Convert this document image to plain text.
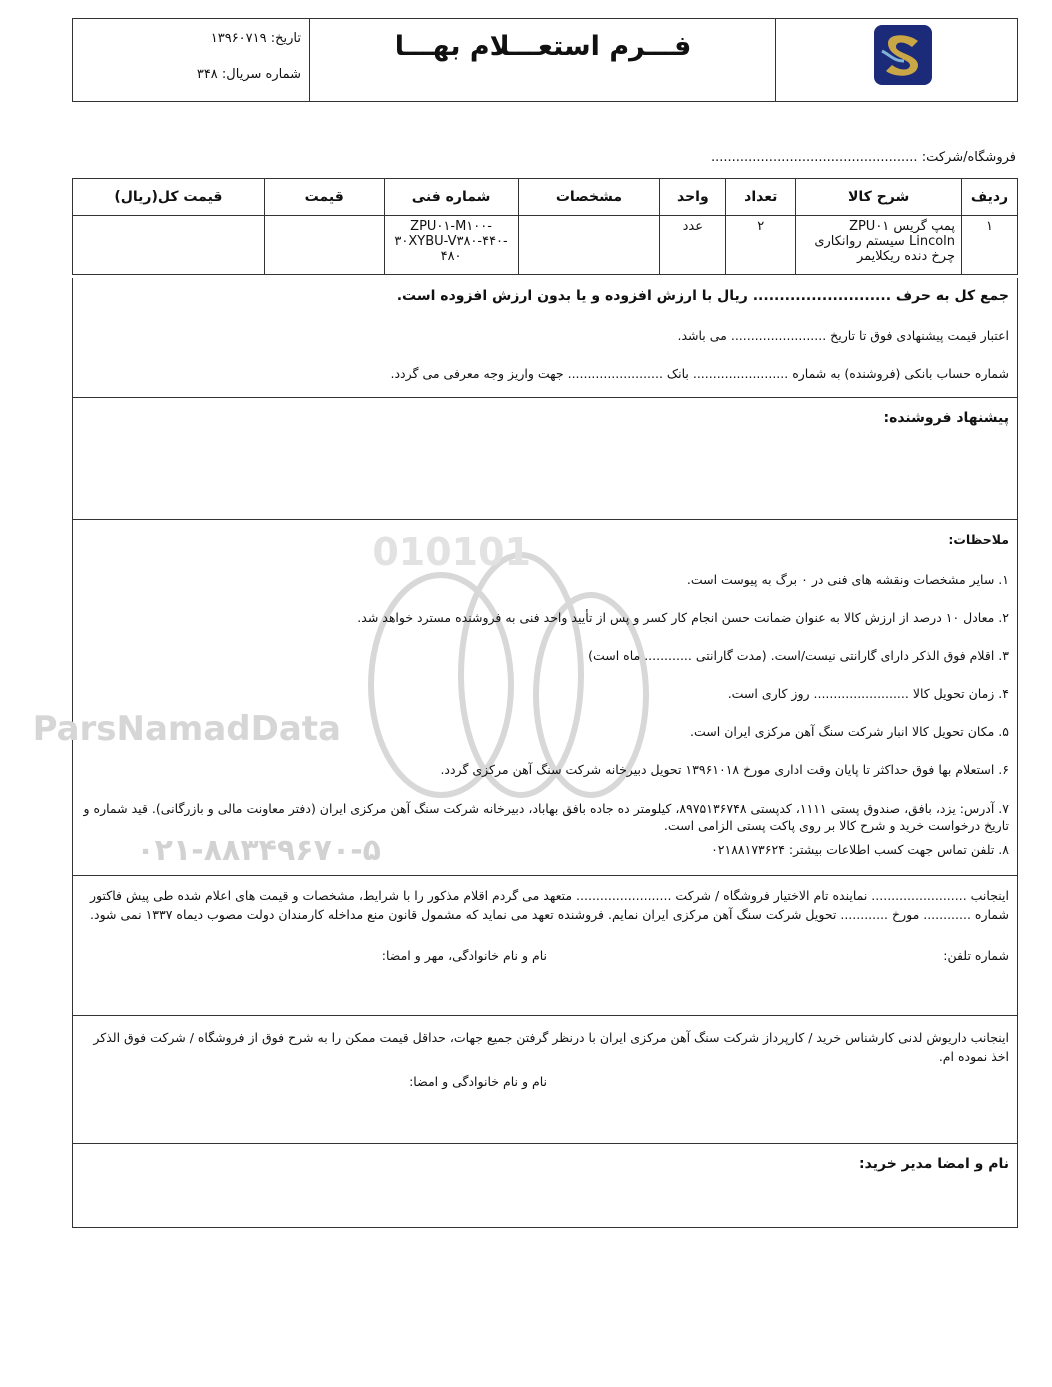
تاریخ: ۱۳۹۶۰۷۱۹
شماره سریال: ۳۴۸
فـــرم استعـــلام بهـــا
فروشگاه/شرکت: ..................................................
ردیف	شرح کالا	تعداد	واحد	مشخصات	شماره فنی	قیمت	قیمت کل(ریال)
۱	پمپ گریس ZPU۰۱ Lincoln سیستم روانکاری چرخ دنده ریکلایمر	۲	عدد		ZPU۰۱-M۱۰۰- ۳۰XYBU-V۳۸۰-۴۴۰- ۴۸۰		

جمع کل به حرف .......................... ریال با ارزش افزوده و یا بدون ارزش افزوده است.

اعتبار قیمت پیشنهادی فوق تا تاریخ ........................ می باشد.

شماره حساب بانکی (فروشنده) به شماره ........................ بانک ........................ جهت واریز وجه معرفی می گردد.

پیشنهاد فروشنده:

010101
ParsNamadData
۰۲۱-۸۸۳۴۹۶۷۰-۵

ملاحظات:

۱. سایر مشخصات ونقشه های فنی در ۰ برگ به پیوست است.

۲. معادل ۱۰ درصد از ارزش کالا به عنوان ضمانت حسن انجام کار کسر و پس از تأیید واحد فنی به فروشنده مسترد خواهد شد.

۳. اقلام فوق الذکر دارای گارانتی نیست/است. (مدت گارانتی ............ ماه است)

۴. زمان تحویل کالا ........................ روز کاری است.

۵. مکان تحویل کالا انبار شرکت سنگ آهن مرکزی ایران است.

۶. استعلام بها فوق حداکثر تا پایان وقت اداری مورخ ۱۳۹۶۱۰۱۸ تحویل دبیرخانه شرکت سنگ آهن مرکزی گردد.

۷. آدرس: یزد، بافق، صندوق پستی ۱۱۱۱، کدپستی ۸۹۷۵۱۳۶۷۴۸، کیلومتر ده جاده بافق بهاباد، دبیرخانه شرکت سنگ آهن مرکزی ایران (دفتر معاونت مالی و بازرگانی). قید شماره و تاریخ درخواست خرید و شرح کالا بر روی پاکت پستی الزامی است.

۸. تلفن تماس جهت کسب اطلاعات بیشتر: ۰۲۱۸۸۱۷۳۶۲۴

اینجانب ........................ نماینده تام الاختیار فروشگاه / شرکت ........................ متعهد می گردم اقلام مذکور را با شرایط، مشخصات و قیمت های اعلام شده طی پیش فاکتور شماره ............ مورخ ............ تحویل شرکت سنگ آهن مرکزی ایران نمایم. فروشنده تعهد می نماید که مشمول قانون منع مداخله کارمندان دولت مصوب دیماه ۱۳۳۷ نمی شود.

شماره تلفن:

نام و نام خانوادگی، مهر و امضا:

اینجانب داریوش لدنی کارشناس خرید / کارپرداز شرکت سنگ آهن مرکزی ایران با درنظر گرفتن جمیع جهات، حداقل قیمت ممکن را به شرح فوق از فروشگاه / شرکت فوق الذکر اخذ نموده ام.

نام و نام خانوادگی و امضا:

نام و امضا مدیر خرید:
